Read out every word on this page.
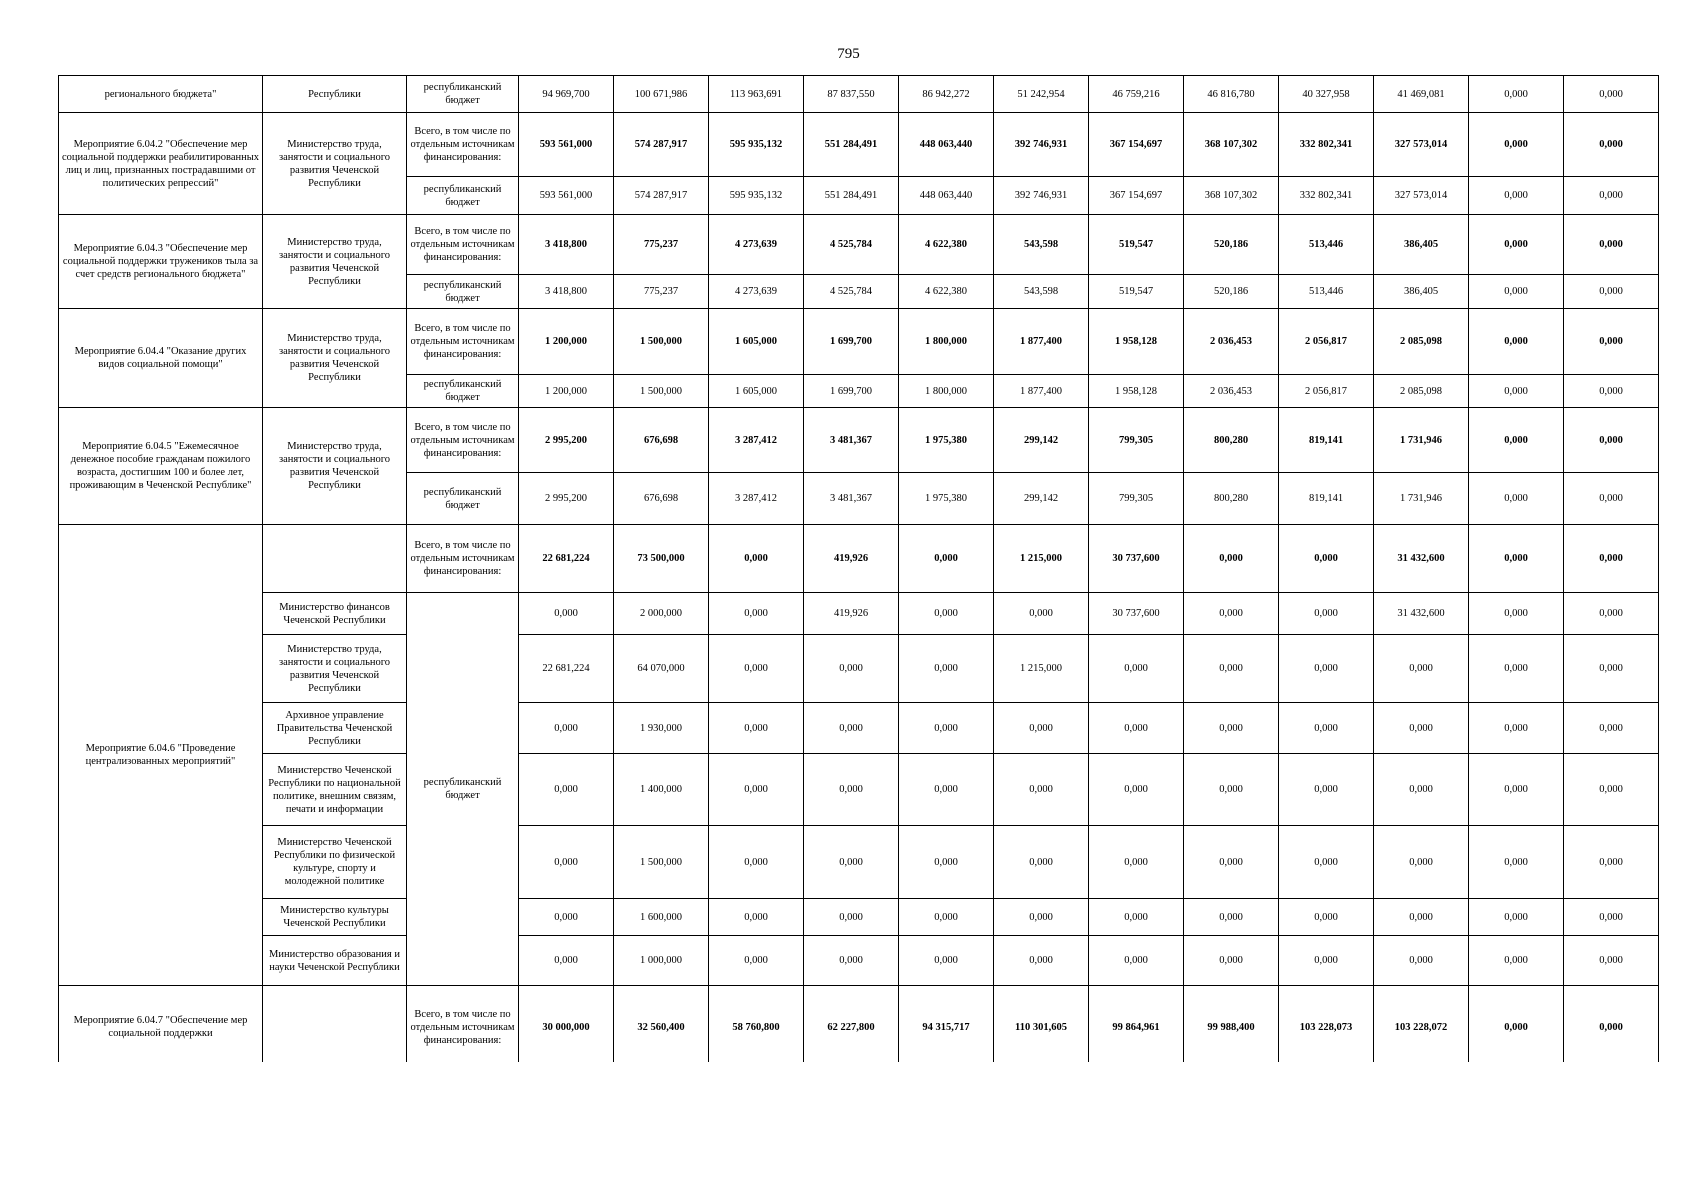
795
регионального бюджета"	Республики	республиканский бюджет	94 969,700	100 671,986	113 963,691	87 837,550	86 942,272	51 242,954	46 759,216	46 816,780	40 327,958	41 469,081	0,000	0,000
Мероприятие 6.04.2 "Обеспечение мер социальной поддержки реабилитированных лиц и лиц, признанных пострадавшими от политических репрессий"	Министерство труда, занятости и социального развития Чеченской Республики	Всего, в том числе по отдельным источникам финансирования:	593 561,000	574 287,917	595 935,132	551 284,491	448 063,440	392 746,931	367 154,697	368 107,302	332 802,341	327 573,014	0,000	0,000
		республиканский бюджет	593 561,000	574 287,917	595 935,132	551 284,491	448 063,440	392 746,931	367 154,697	368 107,302	332 802,341	327 573,014	0,000	0,000
Мероприятие 6.04.3 "Обеспечение мер социальной поддержки тружеников тыла за счет средств регионального бюджета"	Министерство труда, занятости и социального развития Чеченской Республики	Всего, в том числе по отдельным источникам финансирования:	3 418,800	775,237	4 273,639	4 525,784	4 622,380	543,598	519,547	520,186	513,446	386,405	0,000	0,000
		республиканский бюджет	3 418,800	775,237	4 273,639	4 525,784	4 622,380	543,598	519,547	520,186	513,446	386,405	0,000	0,000
Мероприятие 6.04.4 "Оказание других видов социальной помощи"	Министерство труда, занятости и социального развития Чеченской Республики	Всего, в том числе по отдельным источникам финансирования:	1 200,000	1 500,000	1 605,000	1 699,700	1 800,000	1 877,400	1 958,128	2 036,453	2 056,817	2 085,098	0,000	0,000
		республиканский бюджет	1 200,000	1 500,000	1 605,000	1 699,700	1 800,000	1 877,400	1 958,128	2 036,453	2 056,817	2 085,098	0,000	0,000
Мероприятие 6.04.5 "Ежемесячное денежное пособие гражданам пожилого возраста, достигшим 100 и более лет, проживающим в Чеченской Республике"	Министерство труда, занятости и социального развития Чеченской Республики	Всего, в том числе по отдельным источникам финансирования:	2 995,200	676,698	3 287,412	3 481,367	1 975,380	299,142	799,305	800,280	819,141	1 731,946	0,000	0,000
		республиканский бюджет	2 995,200	676,698	3 287,412	3 481,367	1 975,380	299,142	799,305	800,280	819,141	1 731,946	0,000	0,000
Мероприятие 6.04.6 "Проведение централизованных мероприятий"		Всего, в том числе по отдельным источникам финансирования:	22 681,224	73 500,000	0,000	419,926	0,000	1 215,000	30 737,600	0,000	0,000	31 432,600	0,000	0,000
	Министерство финансов Чеченской Республики	республиканский бюджет	0,000	2 000,000	0,000	419,926	0,000	0,000	30 737,600	0,000	0,000	31 432,600	0,000	0,000
	Министерство труда, занятости и социального развития Чеченской Республики		22 681,224	64 070,000	0,000	0,000	0,000	1 215,000	0,000	0,000	0,000	0,000	0,000	0,000
	Архивное управление Правительства Чеченской Республики		0,000	1 930,000	0,000	0,000	0,000	0,000	0,000	0,000	0,000	0,000	0,000	0,000
	Министерство Чеченской Республики по национальной политике, внешним связям, печати и информации		0,000	1 400,000	0,000	0,000	0,000	0,000	0,000	0,000	0,000	0,000	0,000	0,000
	Министерство Чеченской Республики по физической культуре, спорту и молодежной политике		0,000	1 500,000	0,000	0,000	0,000	0,000	0,000	0,000	0,000	0,000	0,000	0,000
	Министерство культуры Чеченской Республики		0,000	1 600,000	0,000	0,000	0,000	0,000	0,000	0,000	0,000	0,000	0,000	0,000
	Министерство образования и науки Чеченской Республики		0,000	1 000,000	0,000	0,000	0,000	0,000	0,000	0,000	0,000	0,000	0,000	0,000
Мероприятие 6.04.7 "Обеспечение мер социальной поддержки		Всего, в том числе по отдельным источникам финансирования:	30 000,000	32 560,400	58 760,800	62 227,800	94 315,717	110 301,605	99 864,961	99 988,400	103 228,073	103 228,072	0,000	0,000
